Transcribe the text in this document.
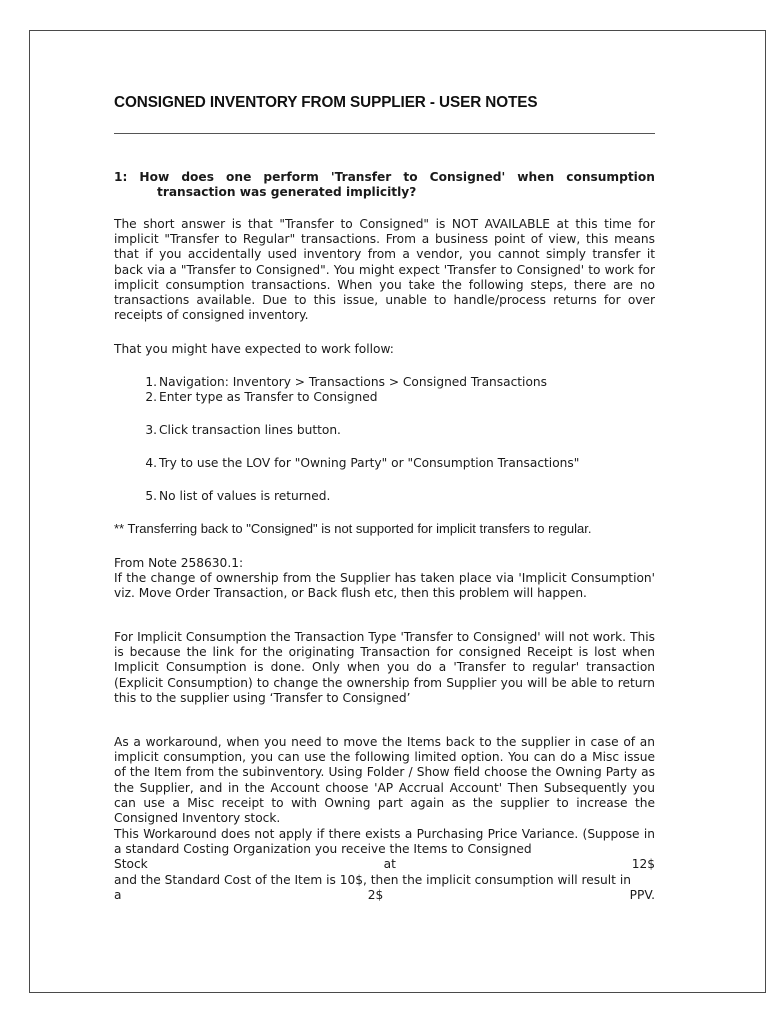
CONSIGNED INVENTORY FROM SUPPLIER - USER NOTES
1: How does one perform 'Transfer to Consigned' when consumption
transaction was generated implicitly?
The short answer is that "Transfer to Consigned" is NOT AVAILABLE at this time for implicit "Transfer to Regular" transactions. From a business point of view, this means that if you accidentally used inventory from a vendor, you cannot simply transfer it back via a "Transfer to Consigned". You might expect 'Transfer to Consigned' to work for implicit consumption transactions. When you take the following steps, there are no transactions available. Due to this issue, unable to handle/process returns for over receipts of consigned inventory.
That you might have expected to work follow:
1. Navigation: Inventory > Transactions > Consigned Transactions
2. Enter type as Transfer to Consigned
3. Click transaction lines button.
4. Try to use the LOV for "Owning Party" or "Consumption Transactions"
5. No list of values is returned.
** Transferring back to "Consigned" is not supported for implicit transfers to regular.
From Note 258630.1:
If the change of ownership from the Supplier has taken place via 'Implicit Consumption' viz. Move Order Transaction, or Back flush etc, then this problem will happen.
For Implicit Consumption the Transaction Type 'Transfer to Consigned' will not work. This is because the link for the originating Transaction for consigned Receipt is lost when Implicit Consumption is done. Only when you do a 'Transfer to regular' transaction (Explicit Consumption) to change the ownership from Supplier you will be able to return this to the supplier using ‘Transfer to Consigned’
As a workaround, when you need to move the Items back to the supplier in case of an implicit consumption, you can use the following limited option. You can do a Misc issue of the Item from the subinventory. Using Folder / Show field choose the Owning Party as the Supplier, and in the Account choose 'AP Accrual Account' Then Subsequently you can use a Misc receipt to with Owning part again as the supplier to increase the Consigned Inventory stock.
This Workaround does not apply if there exists a Purchasing Price Variance. (Suppose in a standard Costing Organization you receive the Items to Consigned
Stock	at	12$
and the Standard Cost of the Item is 10$, then the implicit consumption will result in
a	2$	PPV.
